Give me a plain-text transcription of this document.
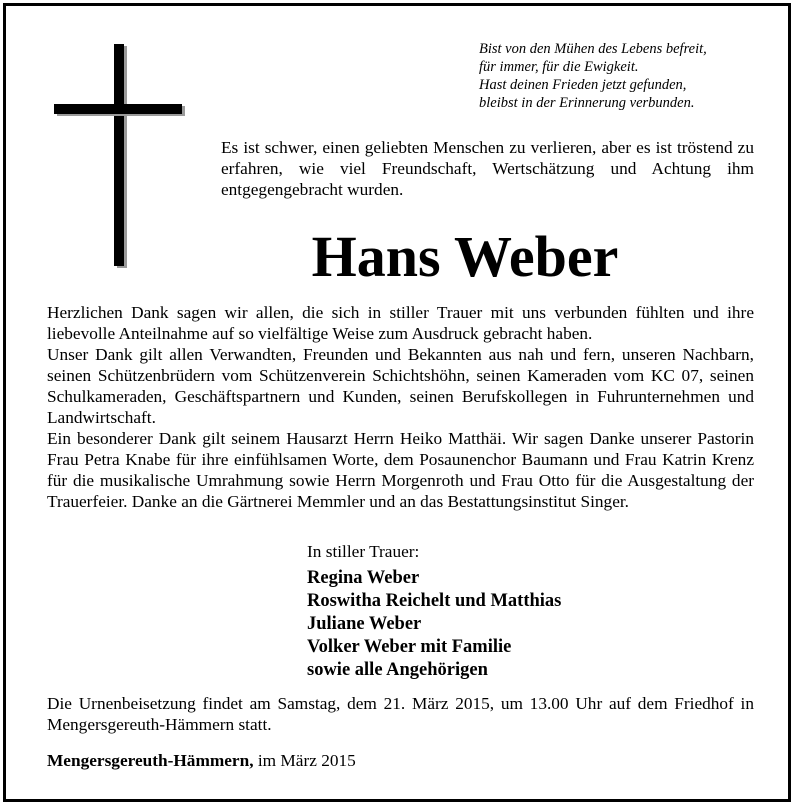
Bist von den Mühen des Lebens befreit,
für immer, für die Ewigkeit.
Hast deinen Frieden jetzt gefunden,
bleibst in der Erinnerung verbunden.
Es ist schwer, einen geliebten Menschen zu verlieren, aber es ist tröstend zu erfahren, wie viel Freundschaft, Wertschätzung und Achtung ihm entgegengebracht wurden.
Hans Weber

Herzlichen Dank sagen wir allen, die sich in stiller Trauer mit uns verbunden fühlten und ihre liebevolle Anteilnahme auf so vielfältige Weise zum Ausdruck gebracht haben.

Unser Dank gilt allen Verwandten, Freunden und Bekannten aus nah und fern, unseren Nachbarn, seinen Schützenbrüdern vom Schützenverein Schichtshöhn, seinen Kameraden vom KC 07, seinen Schulkameraden, Geschäftspartnern und Kunden, seinen Berufskollegen in Fuhrunternehmen und Landwirtschaft.

Ein besonderer Dank gilt seinem Hausarzt Herrn Heiko Matthäi. Wir sagen Danke unserer Pastorin Frau Petra Knabe für ihre einfühlsamen Worte, dem Posaunenchor Baumann und Frau Katrin Krenz für die musikalische Umrahmung sowie Herrn Morgenroth und Frau Otto für die Ausgestaltung der Trauerfeier. Danke an die Gärtnerei Memmler und an das Bestattungsinstitut Singer.

In stiller Trauer:
Regina Weber
Roswitha Reichelt und Matthias
Juliane Weber
Volker Weber mit Familie
sowie alle Angehörigen
Die Urnenbeisetzung findet am Samstag, dem 21. März 2015, um 13.00 Uhr auf dem Friedhof in Mengersgereuth-Hämmern statt.
Mengersgereuth-Hämmern, im März 2015
